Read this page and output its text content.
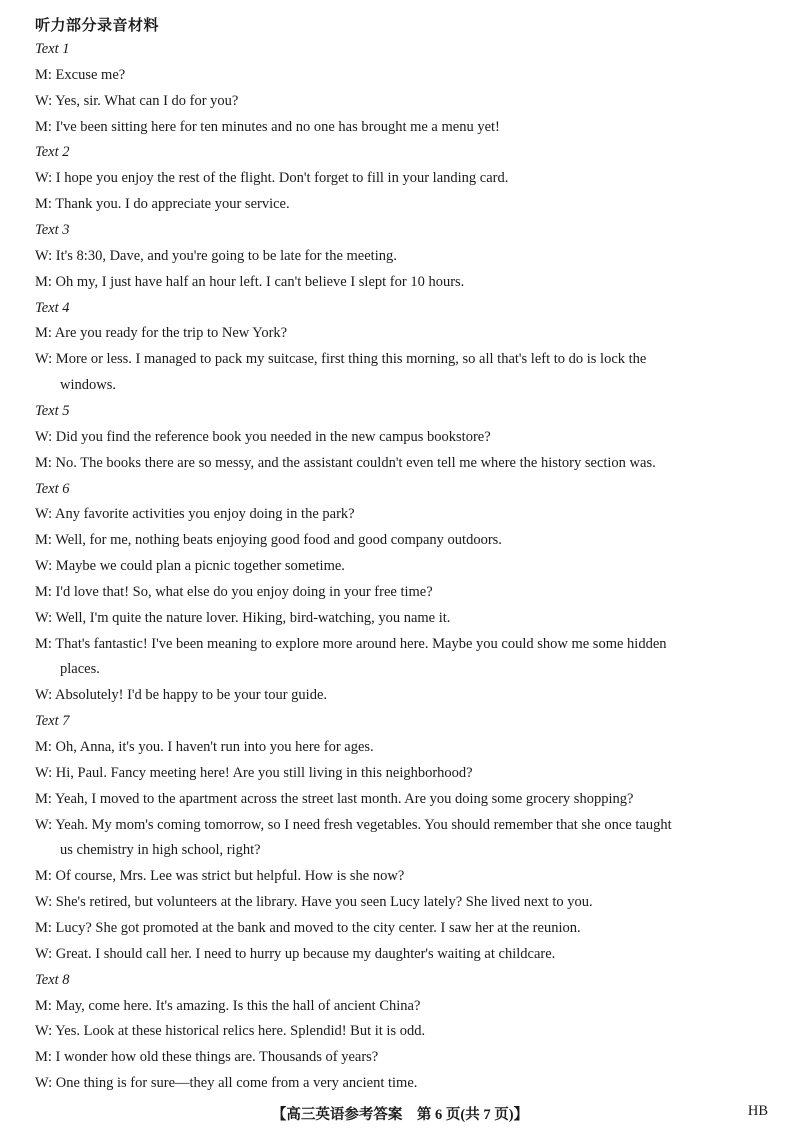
听力部分录音材料
Text 1
M: Excuse me?
W: Yes, sir. What can I do for you?
M: I've been sitting here for ten minutes and no one has brought me a menu yet!
Text 2
W: I hope you enjoy the rest of the flight. Don't forget to fill in your landing card.
M: Thank you. I do appreciate your service.
Text 3
W: It's 8:30, Dave, and you're going to be late for the meeting.
M: Oh my, I just have half an hour left. I can't believe I slept for 10 hours.
Text 4
M: Are you ready for the trip to New York?
W: More or less. I managed to pack my suitcase, first thing this morning, so all that's left to do is lock the
windows.
Text 5
W: Did you find the reference book you needed in the new campus bookstore?
M: No. The books there are so messy, and the assistant couldn't even tell me where the history section was.
Text 6
W: Any favorite activities you enjoy doing in the park?
M: Well, for me, nothing beats enjoying good food and good company outdoors.
W: Maybe we could plan a picnic together sometime.
M: I'd love that! So, what else do you enjoy doing in your free time?
W: Well, I'm quite the nature lover. Hiking, bird-watching, you name it.
M: That's fantastic! I've been meaning to explore more around here. Maybe you could show me some hidden
places.
W: Absolutely! I'd be happy to be your tour guide.
Text 7
M: Oh, Anna, it's you. I haven't run into you here for ages.
W: Hi, Paul. Fancy meeting here! Are you still living in this neighborhood?
M: Yeah, I moved to the apartment across the street last month. Are you doing some grocery shopping?
W: Yeah. My mom's coming tomorrow, so I need fresh vegetables. You should remember that she once taught
us chemistry in high school, right?
M: Of course, Mrs. Lee was strict but helpful. How is she now?
W: She's retired, but volunteers at the library. Have you seen Lucy lately? She lived next to you.
M: Lucy? She got promoted at the bank and moved to the city center. I saw her at the reunion.
W: Great. I should call her. I need to hurry up because my daughter's waiting at childcare.
Text 8
M: May, come here. It's amazing. Is this the hall of ancient China?
W: Yes. Look at these historical relics here. Splendid! But it is odd.
M: I wonder how old these things are. Thousands of years?
W: One thing is for sure—they all come from a very ancient time.
【高三英语参考答案　第 6 页(共 7 页)】	HB
